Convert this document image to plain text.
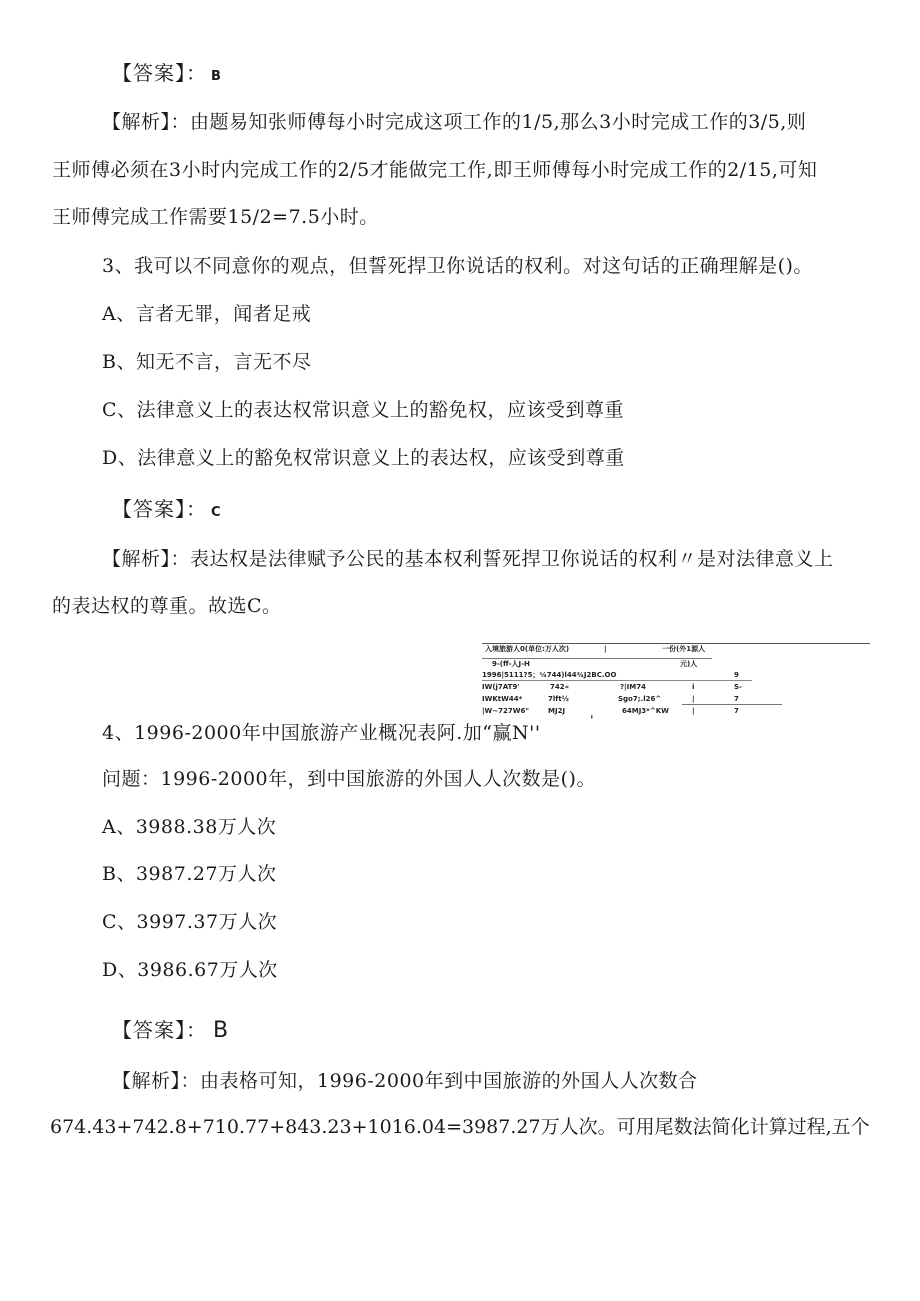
【答案】： B
【解析】：由题易知张师傅每小时完成这项工作的1/5,那么3小时完成工作的3/5,则
王师傅必须在3小时内完成工作的2/5才能做完工作,即王师傅每小时完成工作的2/15,可知
王师傅完成工作需要15/2=7.5小时。
3、我可以不同意你的观点，但誓死捍卫你说话的权利。对这句话的正确理解是()。
A、言者无罪，闻者足戒
B、知无不言，言无不尽
C、法律意义上的表达权常识意义上的豁免权，应该受到尊重
D、法律意义上的豁免权常识意义上的表达权，应该受到尊重
【答案】： C
【解析】：表达权是法律赋予公民的基本权利誓死捍卫你说话的权利〃是对法律意义上
的表达权的尊重。故选C。
入境旅游人0(单位:万人次)	|	一份(外1源人
9-(ff-人J-H	元)人
1996|5111?5；¼744)l44¾J2BC.OO	9
IW(j7AT9'	742«	?|IM74	i	S-
IWKtW44*	7lft½	Sgo7;.l26^	|	7
|W~727W6"	MJ2J	64MJ3*^KW	|	7
'
4、1996-2000年中国旅游产业概况表阿.加“赢N''
问题：1996-2000年，到中国旅游的外国人人次数是()。
A、3988.38万人次
B、3987.27万人次
C、3997.37万人次
D、3986.67万人次
【答案】： B
【解析】：由表格可知，1996-2000年到中国旅游的外国人人次数合
674.43+742.8+710.77+843.23+1016.04=3987.27万人次。可用尾数法简化计算过程,五个
